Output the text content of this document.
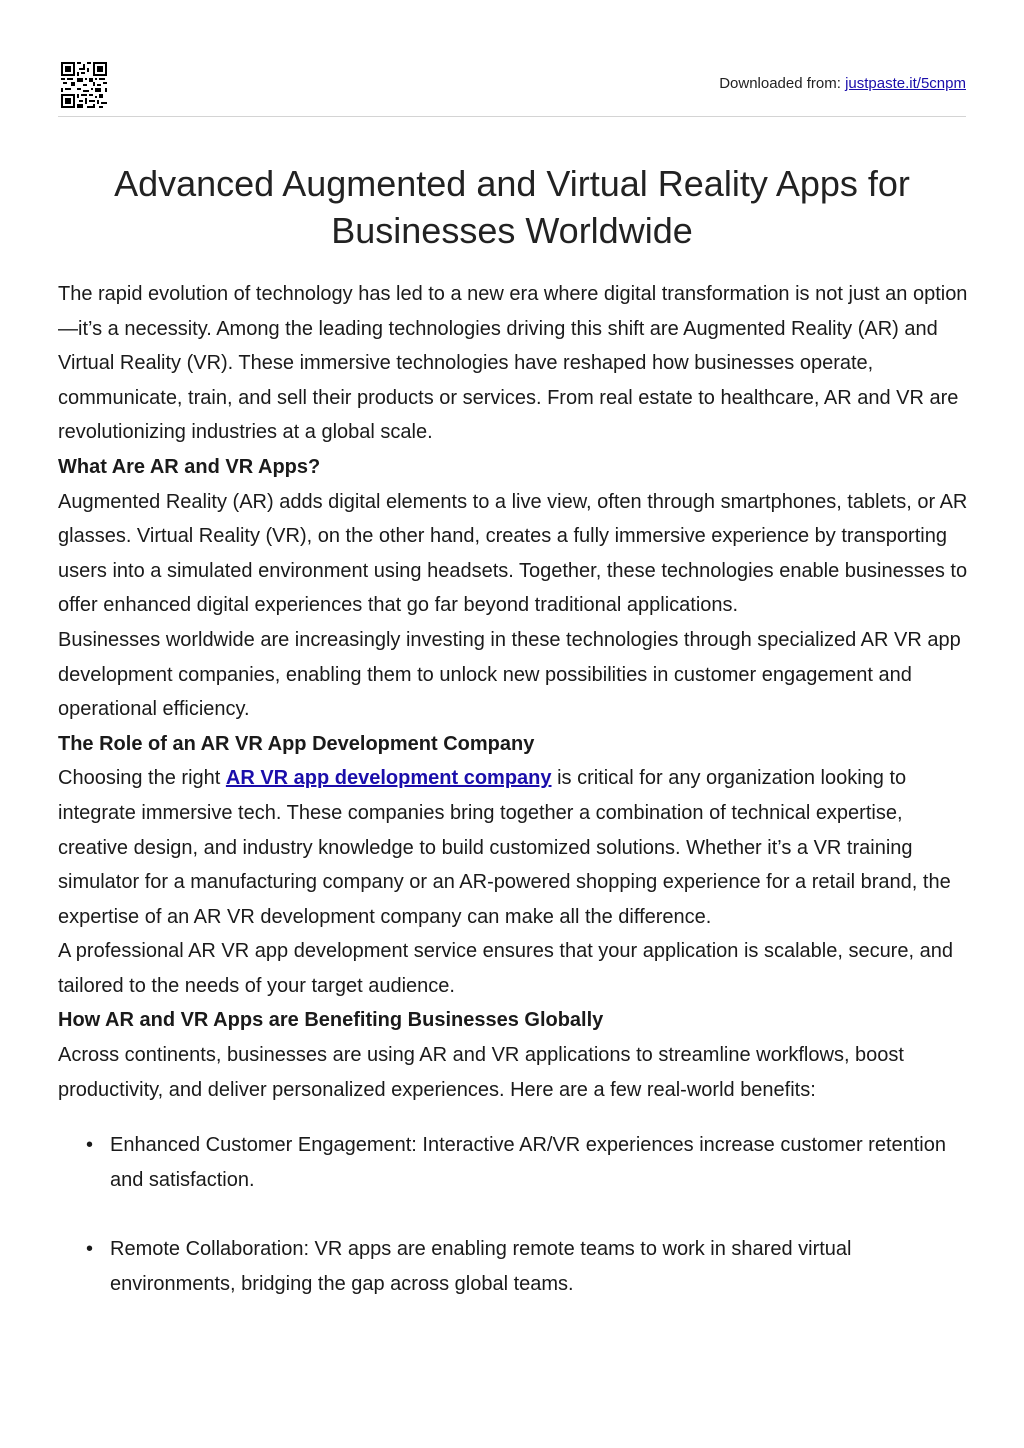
Downloaded from: justpaste.it/5cnpm
Advanced Augmented and Virtual Reality Apps for Businesses Worldwide

The rapid evolution of technology has led to a new era where digital transformation is not just an option—it’s a necessity. Among the leading technologies driving this shift are Augmented Reality (AR) and Virtual Reality (VR). These immersive technologies have reshaped how businesses operate, communicate, train, and sell their products or services. From real estate to healthcare, AR and VR are revolutionizing industries at a global scale.

What Are AR and VR Apps?

Augmented Reality (AR) adds digital elements to a live view, often through smartphones, tablets, or AR glasses. Virtual Reality (VR), on the other hand, creates a fully immersive experience by transporting users into a simulated environment using headsets. Together, these technologies enable businesses to offer enhanced digital experiences that go far beyond traditional applications.

Businesses worldwide are increasingly investing in these technologies through specialized AR VR app development companies, enabling them to unlock new possibilities in customer engagement and operational efficiency.

The Role of an AR VR App Development Company

Choosing the right AR VR app development company is critical for any organization looking to integrate immersive tech. These companies bring together a combination of technical expertise, creative design, and industry knowledge to build customized solutions. Whether it’s a VR training simulator for a manufacturing company or an AR-powered shopping experience for a retail brand, the expertise of an AR VR development company can make all the difference.

A professional AR VR app development service ensures that your application is scalable, secure, and tailored to the needs of your target audience.

How AR and VR Apps are Benefiting Businesses Globally

Across continents, businesses are using AR and VR applications to streamline workflows, boost productivity, and deliver personalized experiences. Here are a few real-world benefits:

• Enhanced Customer Engagement: Interactive AR/VR experiences increase customer retention and satisfaction.
• Remote Collaboration: VR apps are enabling remote teams to work in shared virtual environments, bridging the gap across global teams.
